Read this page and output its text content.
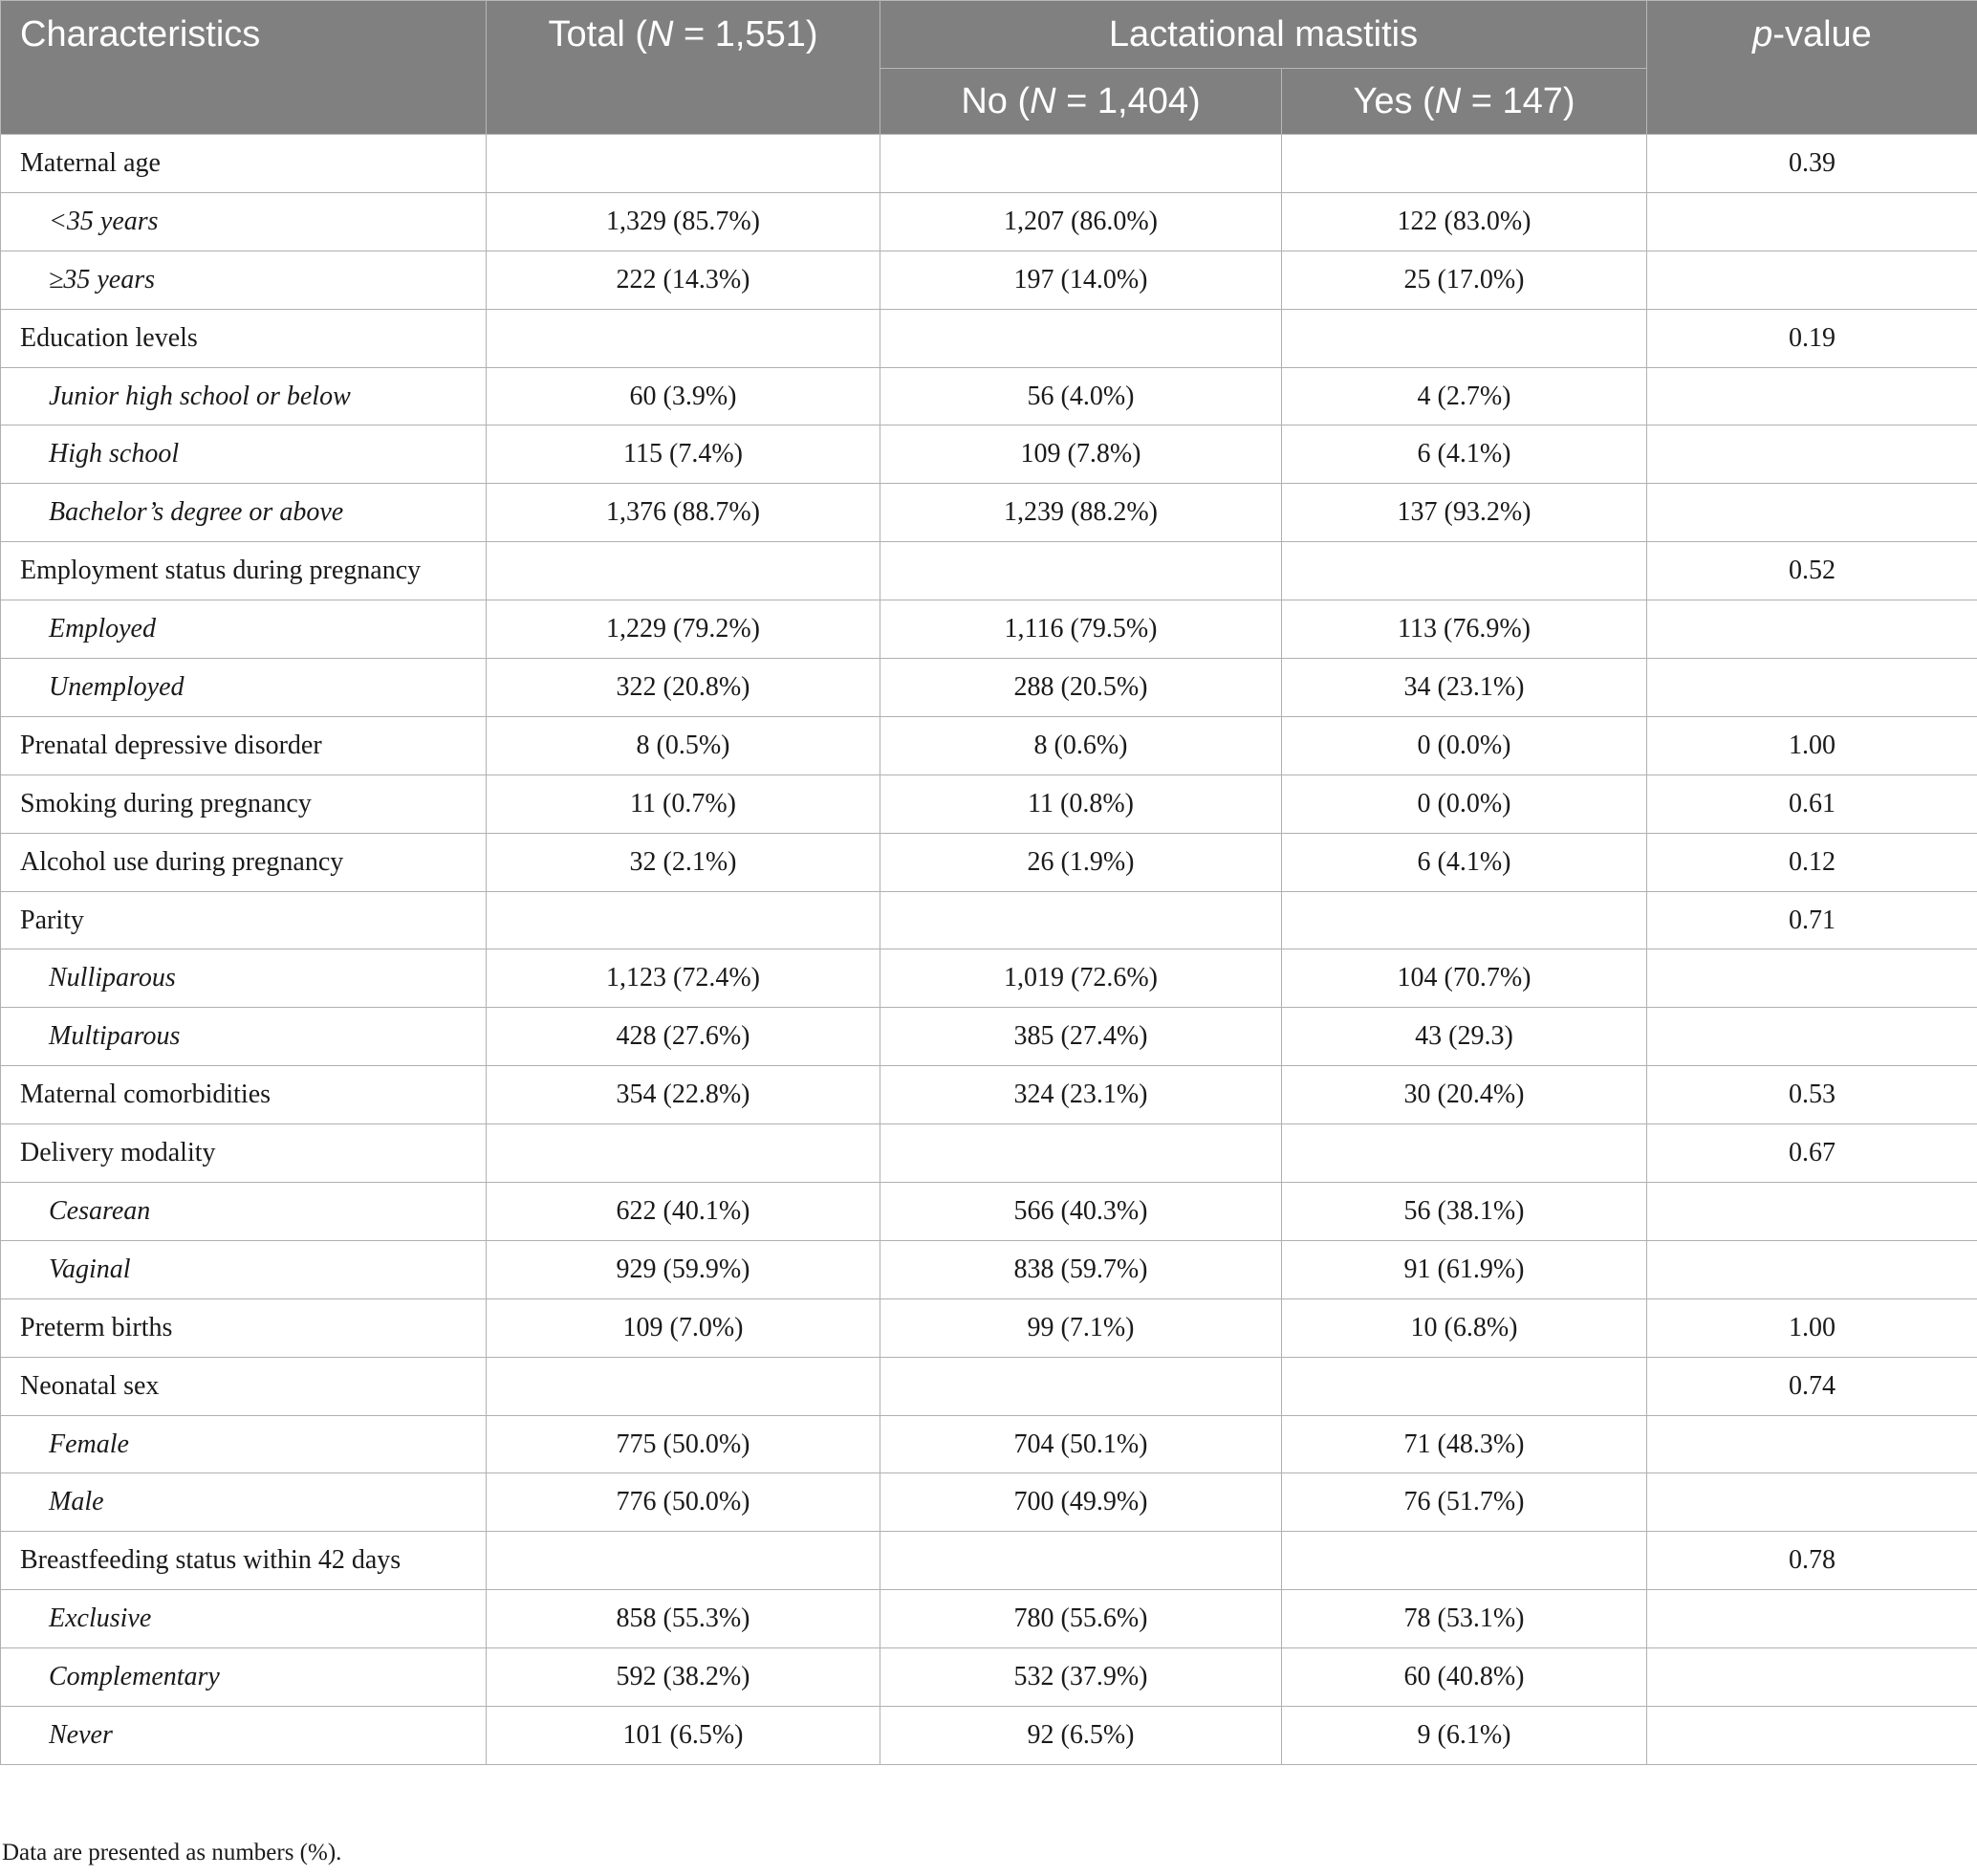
Characteristics	Total (N = 1,551)	Lactational mastitis		p-value
		No (N = 1,404)	Yes (N = 147)	
Maternal age				0.39
<35 years	1,329 (85.7%)	1,207 (86.0%)	122 (83.0%)	
≥35 years	222 (14.3%)	197 (14.0%)	25 (17.0%)	
Education levels				0.19
Junior high school or below	60 (3.9%)	56 (4.0%)	4 (2.7%)	
High school	115 (7.4%)	109 (7.8%)	6 (4.1%)	
Bachelor’s degree or above	1,376 (88.7%)	1,239 (88.2%)	137 (93.2%)	
Employment status during pregnancy				0.52
Employed	1,229 (79.2%)	1,116 (79.5%)	113 (76.9%)	
Unemployed	322 (20.8%)	288 (20.5%)	34 (23.1%)	
Prenatal depressive disorder	8 (0.5%)	8 (0.6%)	0 (0.0%)	1.00
Smoking during pregnancy	11 (0.7%)	11 (0.8%)	0 (0.0%)	0.61
Alcohol use during pregnancy	32 (2.1%)	26 (1.9%)	6 (4.1%)	0.12
Parity				0.71
Nulliparous	1,123 (72.4%)	1,019 (72.6%)	104 (70.7%)	
Multiparous	428 (27.6%)	385 (27.4%)	43 (29.3)	
Maternal comorbidities	354 (22.8%)	324 (23.1%)	30 (20.4%)	0.53
Delivery modality				0.67
Cesarean	622 (40.1%)	566 (40.3%)	56 (38.1%)	
Vaginal	929 (59.9%)	838 (59.7%)	91 (61.9%)	
Preterm births	109 (7.0%)	99 (7.1%)	10 (6.8%)	1.00
Neonatal sex				0.74
Female	775 (50.0%)	704 (50.1%)	71 (48.3%)	
Male	776 (50.0%)	700 (49.9%)	76 (51.7%)	
Breastfeeding status within 42 days				0.78
Exclusive	858 (55.3%)	780 (55.6%)	78 (53.1%)	
Complementary	592 (38.2%)	532 (37.9%)	60 (40.8%)	
Never	101 (6.5%)	92 (6.5%)	9 (6.1%)	
Data are presented as numbers (%).
